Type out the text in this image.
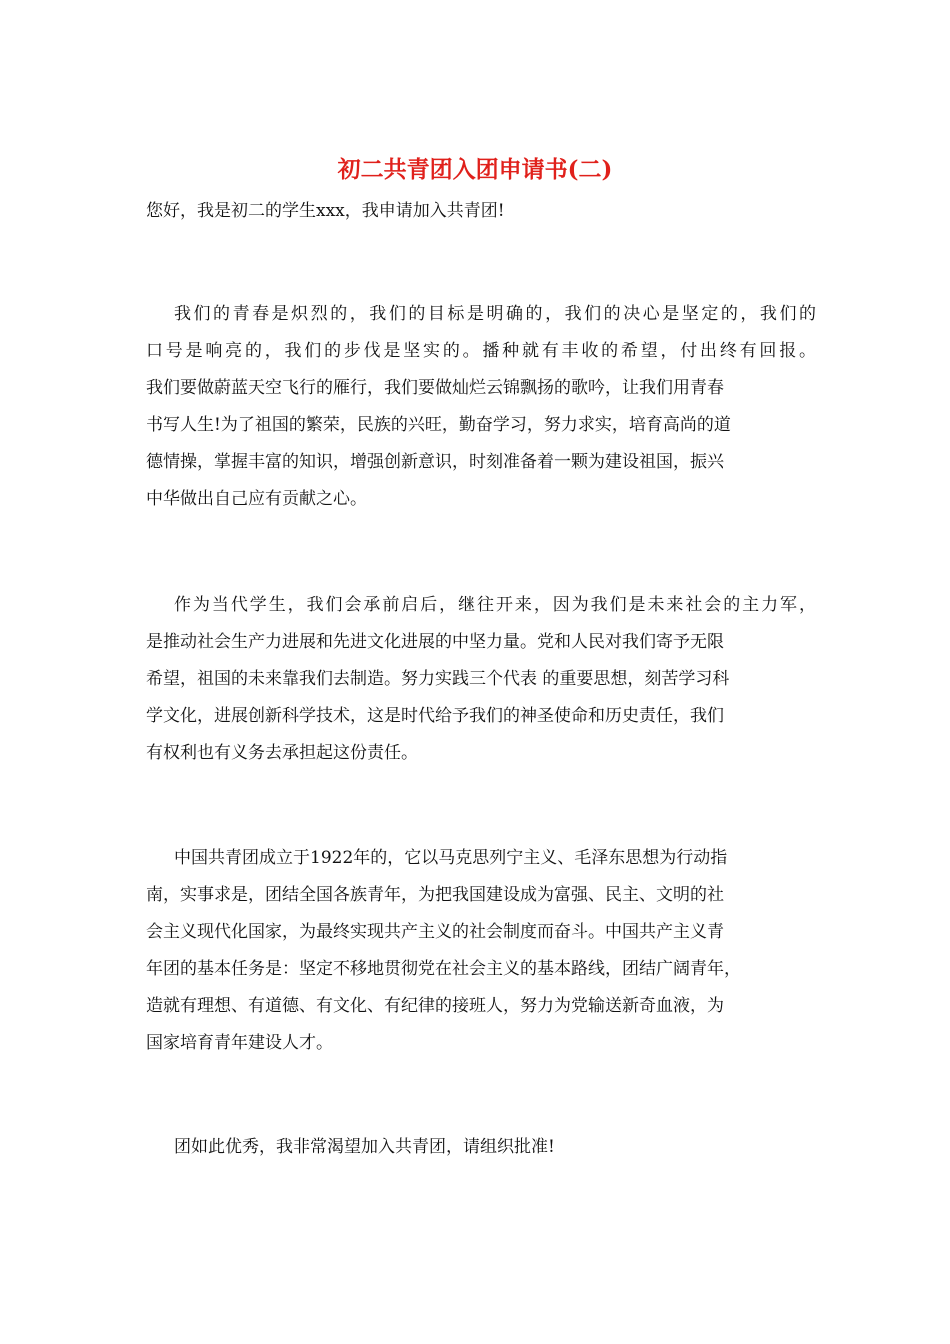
初二共青团入团申请书(二)
您好，我是初二的学生xxx，我申请加入共青团!
我们的青春是炽烈的，我们的目标是明确的，我们的决心是坚定的，我们的
口号是响亮的，我们的步伐是坚实的。播种就有丰收的希望，付出终有回报。
我们要做蔚蓝天空飞行的雁行，我们要做灿烂云锦飘扬的歌吟，让我们用青春
书写人生!为了祖国的繁荣，民族的兴旺，勤奋学习，努力求实，培育高尚的道
德情操，掌握丰富的知识，增强创新意识，时刻准备着一颗为建设祖国，振兴
中华做出自己应有贡献之心。
作为当代学生，我们会承前启后，继往开来，因为我们是未来社会的主力军，
是推动社会生产力进展和先进文化进展的中坚力量。党和人民对我们寄予无限
希望，祖国的未来靠我们去制造。努力实践三个代表 的重要思想，刻苦学习科
学文化，进展创新科学技术，这是时代给予我们的神圣使命和历史责任，我们
有权利也有义务去承担起这份责任。
中国共青团成立于1922年的，它以马克思列宁主义、毛泽东思想为行动指
南，实事求是，团结全国各族青年，为把我国建设成为富强、民主、文明的社
会主义现代化国家，为最终实现共产主义的社会制度而奋斗。中国共产主义青
年团的基本任务是：坚定不移地贯彻党在社会主义的基本路线，团结广阔青年，
造就有理想、有道德、有文化、有纪律的接班人，努力为党输送新奇血液，为
国家培育青年建设人才。
团如此优秀，我非常渴望加入共青团，请组织批准!
